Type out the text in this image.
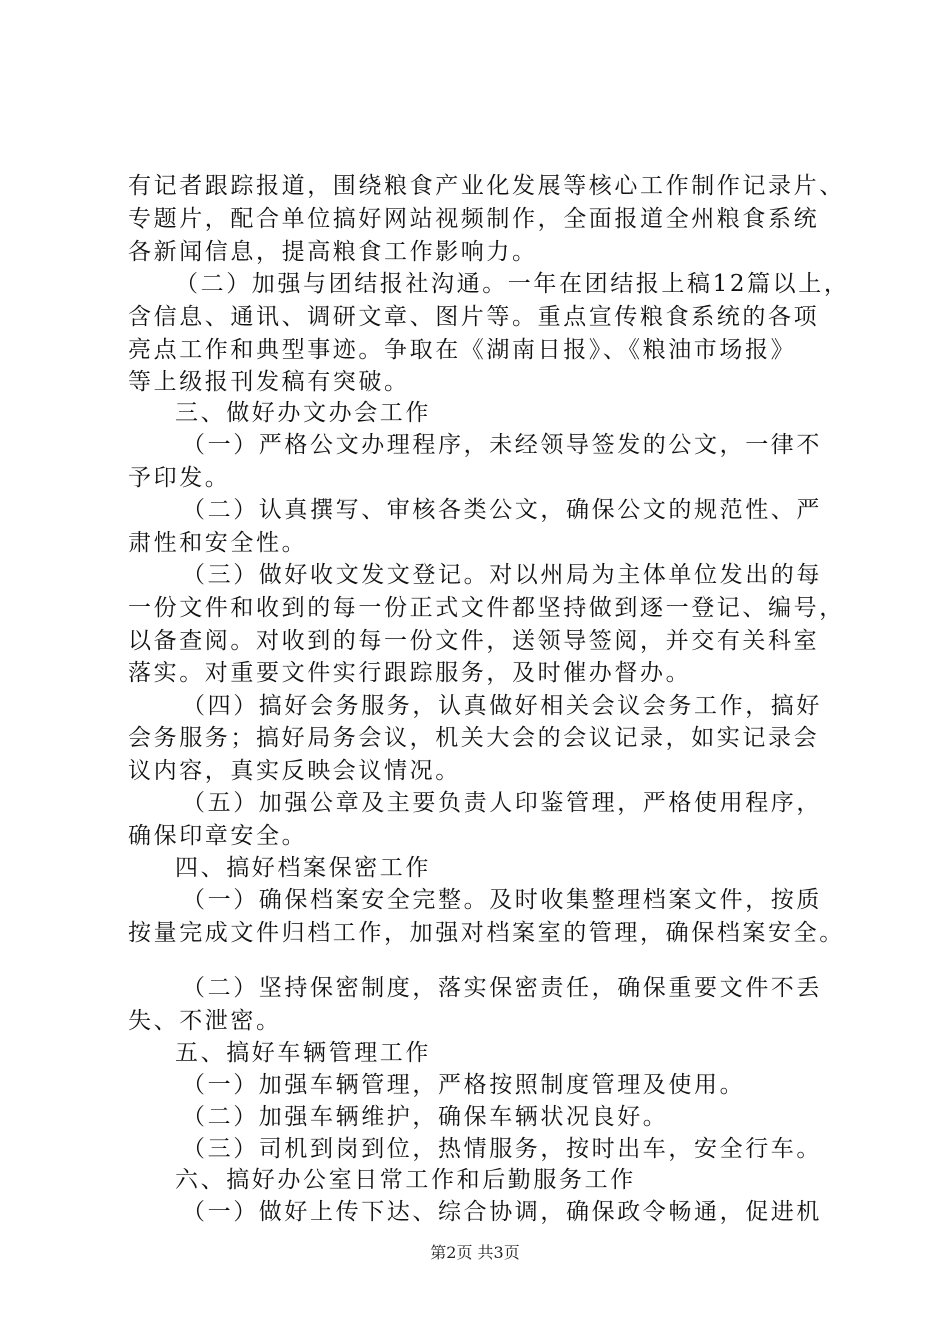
有记者跟踪报道，围绕粮食产业化发展等核心工作制作记录片、
专题片，配合单位搞好网站视频制作，全面报道全州粮食系统
各新闻信息，提高粮食工作影响力。
（二）加强与团结报社沟通。一年在团结报上稿12篇以上，
含信息、通讯、调研文章、图片等。重点宣传粮食系统的各项
亮点工作和典型事迹。争取在《湖南日报》、《粮油市场报》
等上级报刊发稿有突破。
三、做好办文办会工作
（一）严格公文办理程序，未经领导签发的公文，一律不
予印发。
（二）认真撰写、审核各类公文，确保公文的规范性、严
肃性和安全性。
（三）做好收文发文登记。对以州局为主体单位发出的每
一份文件和收到的每一份正式文件都坚持做到逐一登记、编号，
以备查阅。对收到的每一份文件，送领导签阅，并交有关科室
落实。对重要文件实行跟踪服务，及时催办督办。
（四）搞好会务服务，认真做好相关会议会务工作，搞好
会务服务；搞好局务会议，机关大会的会议记录，如实记录会
议内容，真实反映会议情况。
（五）加强公章及主要负责人印鉴管理，严格使用程序，
确保印章安全。
四、搞好档案保密工作
（一）确保档案安全完整。及时收集整理档案文件，按质
按量完成文件归档工作，加强对档案室的管理，确保档案安全。
（二）坚持保密制度，落实保密责任，确保重要文件不丢
失、不泄密。
五、搞好车辆管理工作
（一）加强车辆管理，严格按照制度管理及使用。
（二）加强车辆维护，确保车辆状况良好。
（三）司机到岗到位，热情服务，按时出车，安全行车。
六、搞好办公室日常工作和后勤服务工作
（一）做好上传下达、综合协调，确保政令畅通，促进机
第2页 共3页
